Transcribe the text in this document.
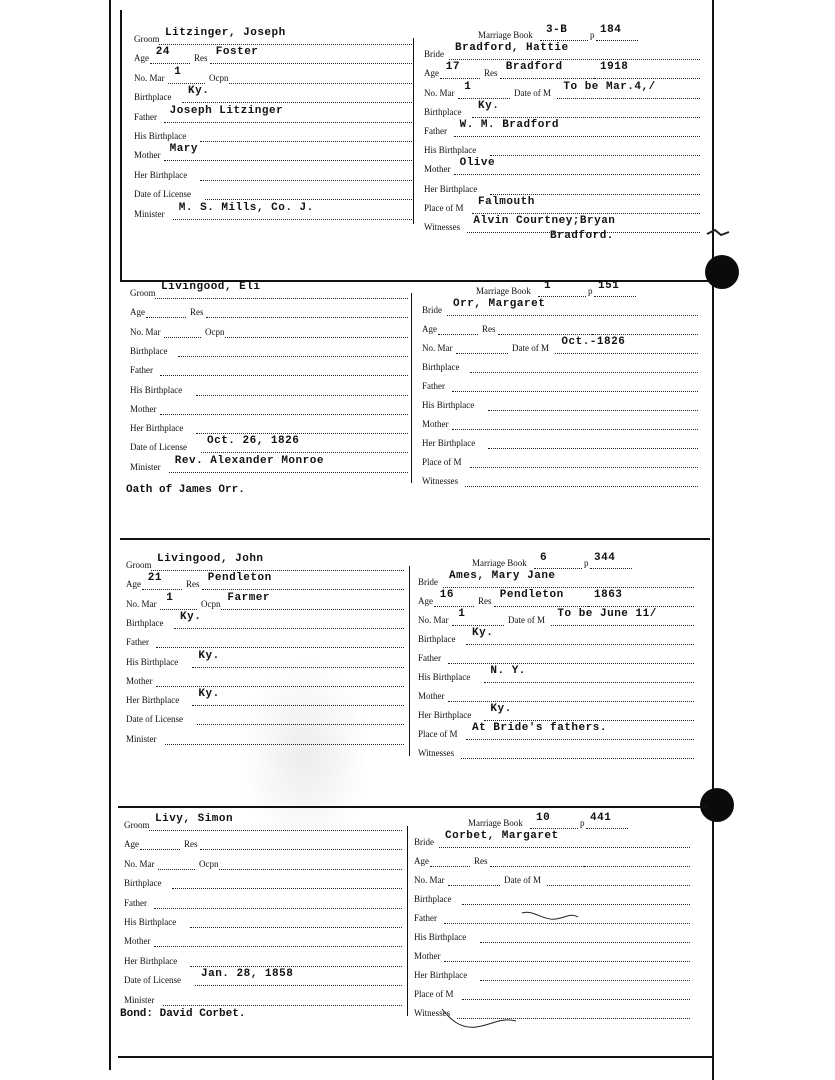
Groom Litzinger, Joseph
Age 24	Res Foster
No. Mar 1	Ocpn
Birthplace Ky.
Father Joseph Litzinger
His Birthplace
Mother Mary
Her Birthplace
Date of License
Minister M. S. Mills, Co. J.
Marriage Book 3-B	p 184
Bride Bradford, Hattie
Age 17	Res Bradford	1918
No. Mar 1	Date of M To be Mar.4,/
Birthplace Ky.
Father W. M. Bradford
His Birthplace
Mother Olive
Her Birthplace
Place of M Falmouth
Witnesses Alvin Courtney;Bryan
Bradford.
Groom Livingood, Eli
Age	Res
No. Mar	Ocpn
Birthplace
Father
His Birthplace
Mother
Her Birthplace
Date of License Oct. 26, 1826
Minister Rev. Alexander Monroe
Marriage Book 1	p 151
Bride Orr, Margaret
Age	Res
No. Mar	Date of M Oct.-1826
Birthplace
Father
His Birthplace
Mother
Her Birthplace
Place of M
Witnesses
Oath of James Orr.
Groom Livingood, John
Age 21	Res Pendleton
No. Mar 1	Ocpn Farmer
Birthplace Ky.
Father
His Birthplace Ky.
Mother
Her Birthplace Ky.
Date of License
Minister
Marriage Book 6	p 344
Bride Ames, Mary Jane
Age 16	Res Pendleton	1863
No. Mar 1	Date of M To be June 11/
Birthplace Ky.
Father
His Birthplace N. Y.
Mother
Her Birthplace Ky.
Place of M At Bride's fathers.
Witnesses
Groom Livy, Simon
Age	Res
No. Mar	Ocpn
Birthplace
Father
His Birthplace
Mother
Her Birthplace
Date of License Jan. 28, 1858
Minister
Marriage Book 10	p 441
Bride Corbet, Margaret
Age	Res
No. Mar	Date of M
Birthplace
Father
His Birthplace
Mother
Her Birthplace
Place of M
Witnesses
Bond: David Corbet.
